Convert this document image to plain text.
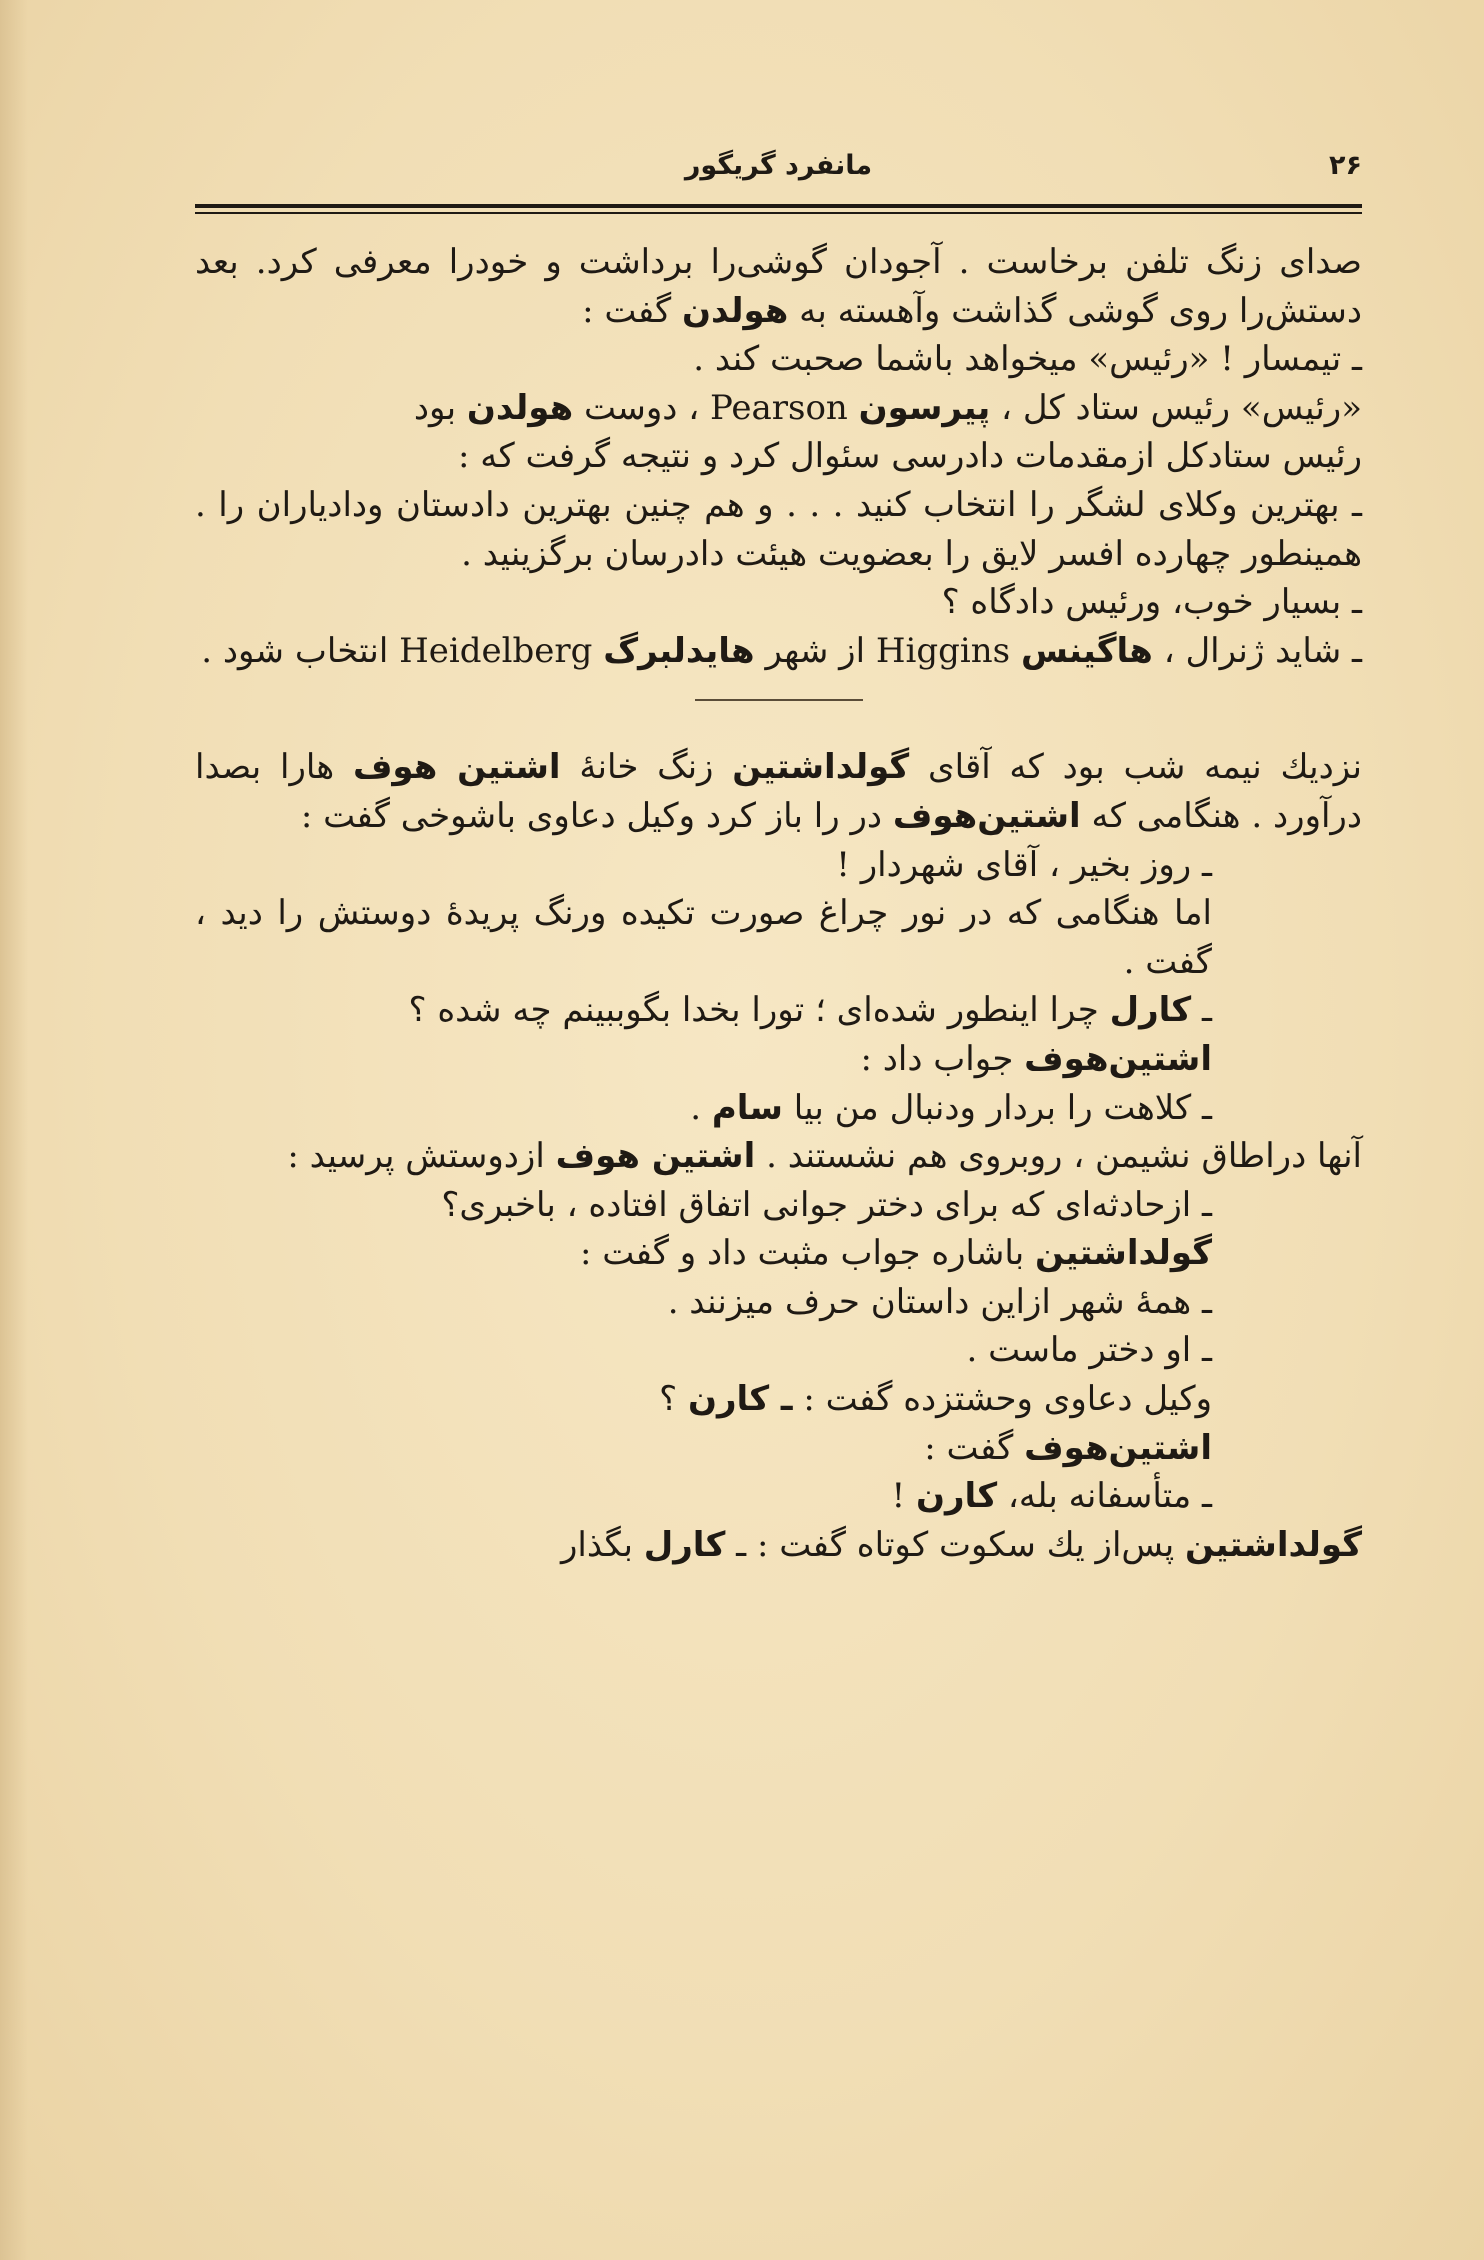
۲۶
مانفرد گریگور

صدای زنگ تلفن برخاست . آجودان گوشی‌را برداشت و خودرا معرفی کرد. بعد دستش‌را روی گوشی گذاشت وآهسته به هولدن گفت :

ـ تیمسار ! «رئیس» میخواهد باشما صحبت کند .

«رئیس» رئیس ستاد کل ، پیرسون Pearson ، دوست هولدن بود

رئیس ستادکل ازمقدمات دادرسی سئوال کرد و نتیجه گرفت که :

ـ بهترین وکلای لشگر را انتخاب کنید . . . و هم چنین بهترین دادستان ودادیاران را . همینطور چهارده افسر لایق را بعضویت هیئت دادرسان برگزینید .

ـ بسیار خوب، ورئیس دادگاه ؟

ـ شاید ژنرال ، هاگینس Higgins از شهر هایدلبرگ Heidelberg انتخاب شود .

نزدیك نیمه شب بود که آقای گولداشتین زنگ خانهٔ اشتین هوف هارا بصدا درآورد . هنگامی که اشتین‌هوف در را باز کرد وکیل دعاوی باشوخی گفت :

ـ روز بخیر ، آقای شهردار !

اما هنگامی که در نور چراغ صورت تکیده ورنگ پریدهٔ دوستش را دید ، گفت .

ـ کارل چرا اینطور شده‌ای ؛ تورا بخدا بگوببینم چه شده ؟

اشتین‌هوف جواب داد :

ـ کلاهت را بردار ودنبال من بیا سام .

آنها دراطاق نشیمن ، روبروی هم نشستند . اشتین هوف ازدوستش پرسید :

ـ ازحادثه‌ای که برای دختر جوانی اتفاق افتاده ، باخبری؟

گولداشتین باشاره جواب مثبت داد و گفت :

ـ همهٔ شهر ازاین داستان حرف میزنند .

ـ او دختر ماست .

وکیل دعاوی وحشتزده گفت : ـ کارن ؟

اشتین‌هوف گفت :

ـ متأسفانه بله، کارن !

گولداشتین پس‌از یك سکوت کوتاه گفت : ـ کارل بگذار
